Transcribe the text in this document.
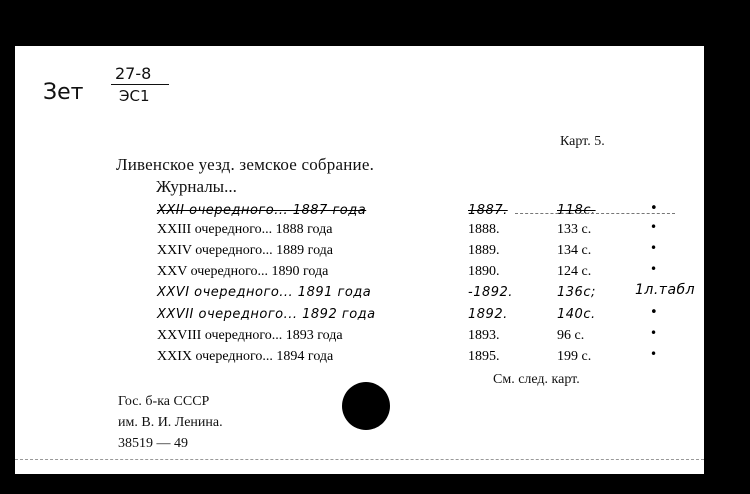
Зет
27-8
ЭС1
Карт. 5.
Ливенское уезд. земское собрание.
Журналы...
XXII очередного... 1887 года	1887.	118с.	•
XXIII очередного... 1888 года	1888.	133 с.	•
XXIV очередного... 1889 года	1889.	134 с.	•
XXV очередного... 1890 года	1890.	124 с.	•
XXVI очередного... 1891 года	-1892.	136с;	1л.табл
XXVII очередного... 1892 года	1892.	140с.	•
XXVIII очередного... 1893 года	1893.	96 с.	•
XXIX очередного... 1894 года	1895.	199 с.	•
См. след. карт.
Гос. б-ка СССР
им. В. И. Ленина.
38519 — 49
